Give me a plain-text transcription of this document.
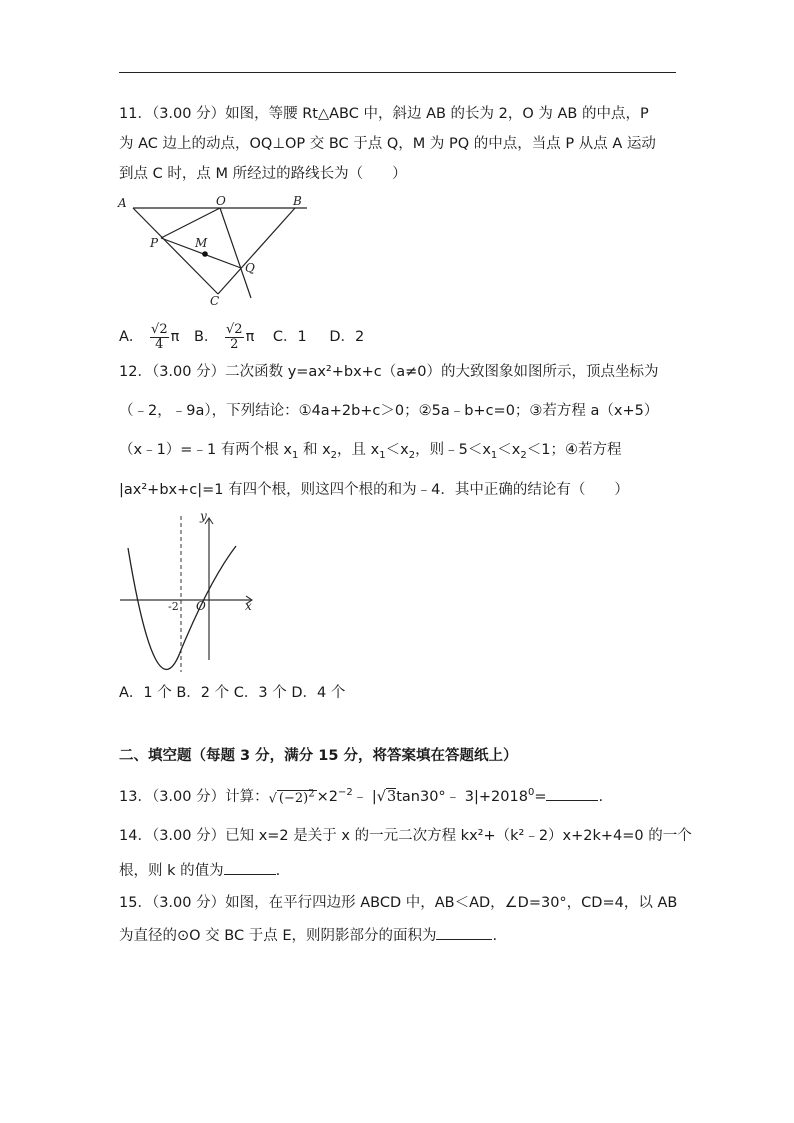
11．（3.00 分）如图，等腰 Rt△ABC 中，斜边 AB 的长为 2，O 为 AB 的中点，P
为 AC 边上的动点，OQ⊥OP 交 BC 于点 Q，M 为 PQ 的中点，当点 P 从点 A 运动
到点 C 时，点 M 所经过的路线长为（　　）
A	O	B
P	M
Q
C
A． $\frac{√2}{4}$ π B． $\frac{√2}{2}$ π C．1 D．2
12．（3.00 分）二次函数 y=ax²+bx+c（a≠0）的大致图象如图所示，顶点坐标为
（﹣2，﹣9a），下列结论：①4a+2b+c＞0；②5a﹣b+c=0；③若方程 a（x+5）
（x﹣1）=﹣1 有两个根 $x_1$ 和 $x_2$，且 $x_1<x_2$，则$﹣5<x_1<x_2<1$；④若方程
|ax²+bx+c|=1 有四个根，则这四个根的和为﹣4．其中正确的结论有（　　）
y
x
O
-2
A．1 个 B．2 个 C．3 个 D．4 个
二、填空题（每题 3 分，满分 15 分，将答案填在答题纸上）
13．（3.00 分）计算：√ $(-2)^2$ $\times 2^{-2}﹣$ |√3tan30°﹣ $3|+2018^0=$	.
14．（3.00 分）已知 x=2 是关于 x 的一元二次方程 kx²+（k²﹣2）x+2k+4=0 的一个
根，则 k 的值为	.
15．（3.00 分）如图，在平行四边形 ABCD 中，AB＜AD，∠D=30°，CD=4，以 AB
为直径的⊙O 交 BC 于点 E，则阴影部分的面积为	.
